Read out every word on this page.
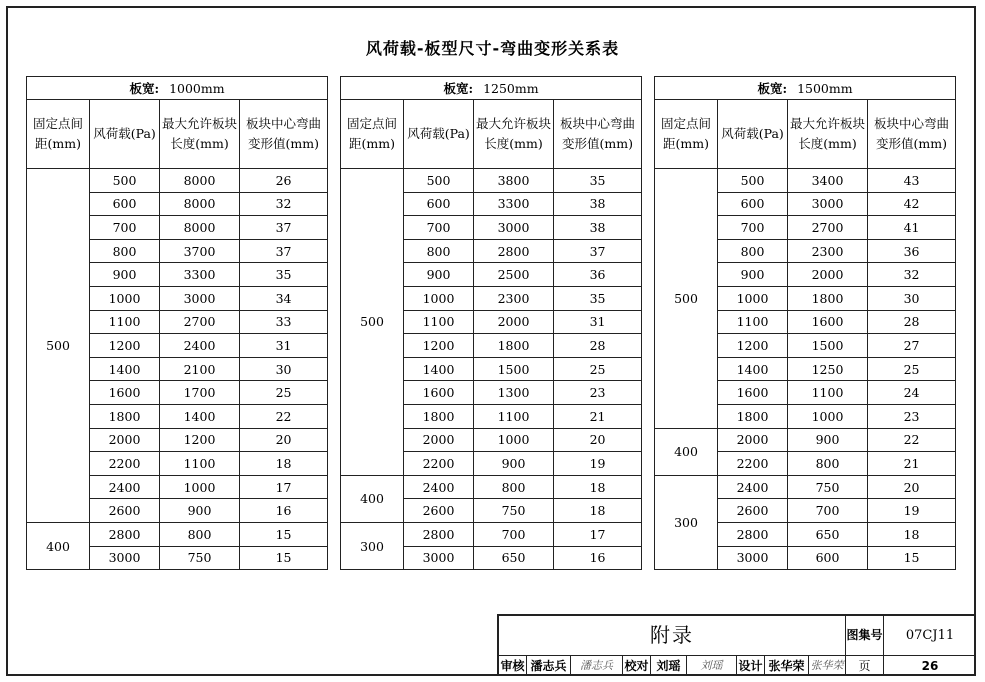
风荷载-板型尺寸-弯曲变形关系表
板宽: 1000mm			
固定点间　距(mm)	风荷载(Pa)	最大允许板块长度(mm)	板块中心弯曲变形值(mm)
500	500	8000	26
	600	8000	32
	700	8000	37
	800	3700	37
	900	3300	35
	1000	3000	34
	1100	2700	33
	1200	2400	31
	1400	2100	30
	1600	1700	25
	1800	1400	22
	2000	1200	20
	2200	1100	18
	2400	1000	17
	2600	900	16
400	2800	800	15
	3000	750	15
板宽: 1250mm			
固定点间　距(mm)	风荷载(Pa)	最大允许板块长度(mm)	板块中心弯曲变形值(mm)
500	500	3800	35
	600	3300	38
	700	3000	38
	800	2800	37
	900	2500	36
	1000	2300	35
	1100	2000	31
	1200	1800	28
	1400	1500	25
	1600	1300	23
	1800	1100	21
	2000	1000	20
	2200	900	19
400	2400	800	18
	2600	750	18
300	2800	700	17
	3000	650	16
板宽: 1500mm			
固定点间　距(mm)	风荷载(Pa)	最大允许板块长度(mm)	板块中心弯曲变形值(mm)
500	500	3400	43
	600	3000	42
	700	2700	41
	800	2300	36
	900	2000	32
	1000	1800	30
	1100	1600	28
	1200	1500	27
	1400	1250	25
	1600	1100	24
	1800	1000	23
400	2000	900	22
	2200	800	21
300	2400	750	20
	2600	700	19
	2800	650	18
	3000	600	15
附录	图集号	07CJ11
审核 潘志兵	潘志兵 校对 刘瑶	刘瑶	设计 张华荣 张华荣	页	26
